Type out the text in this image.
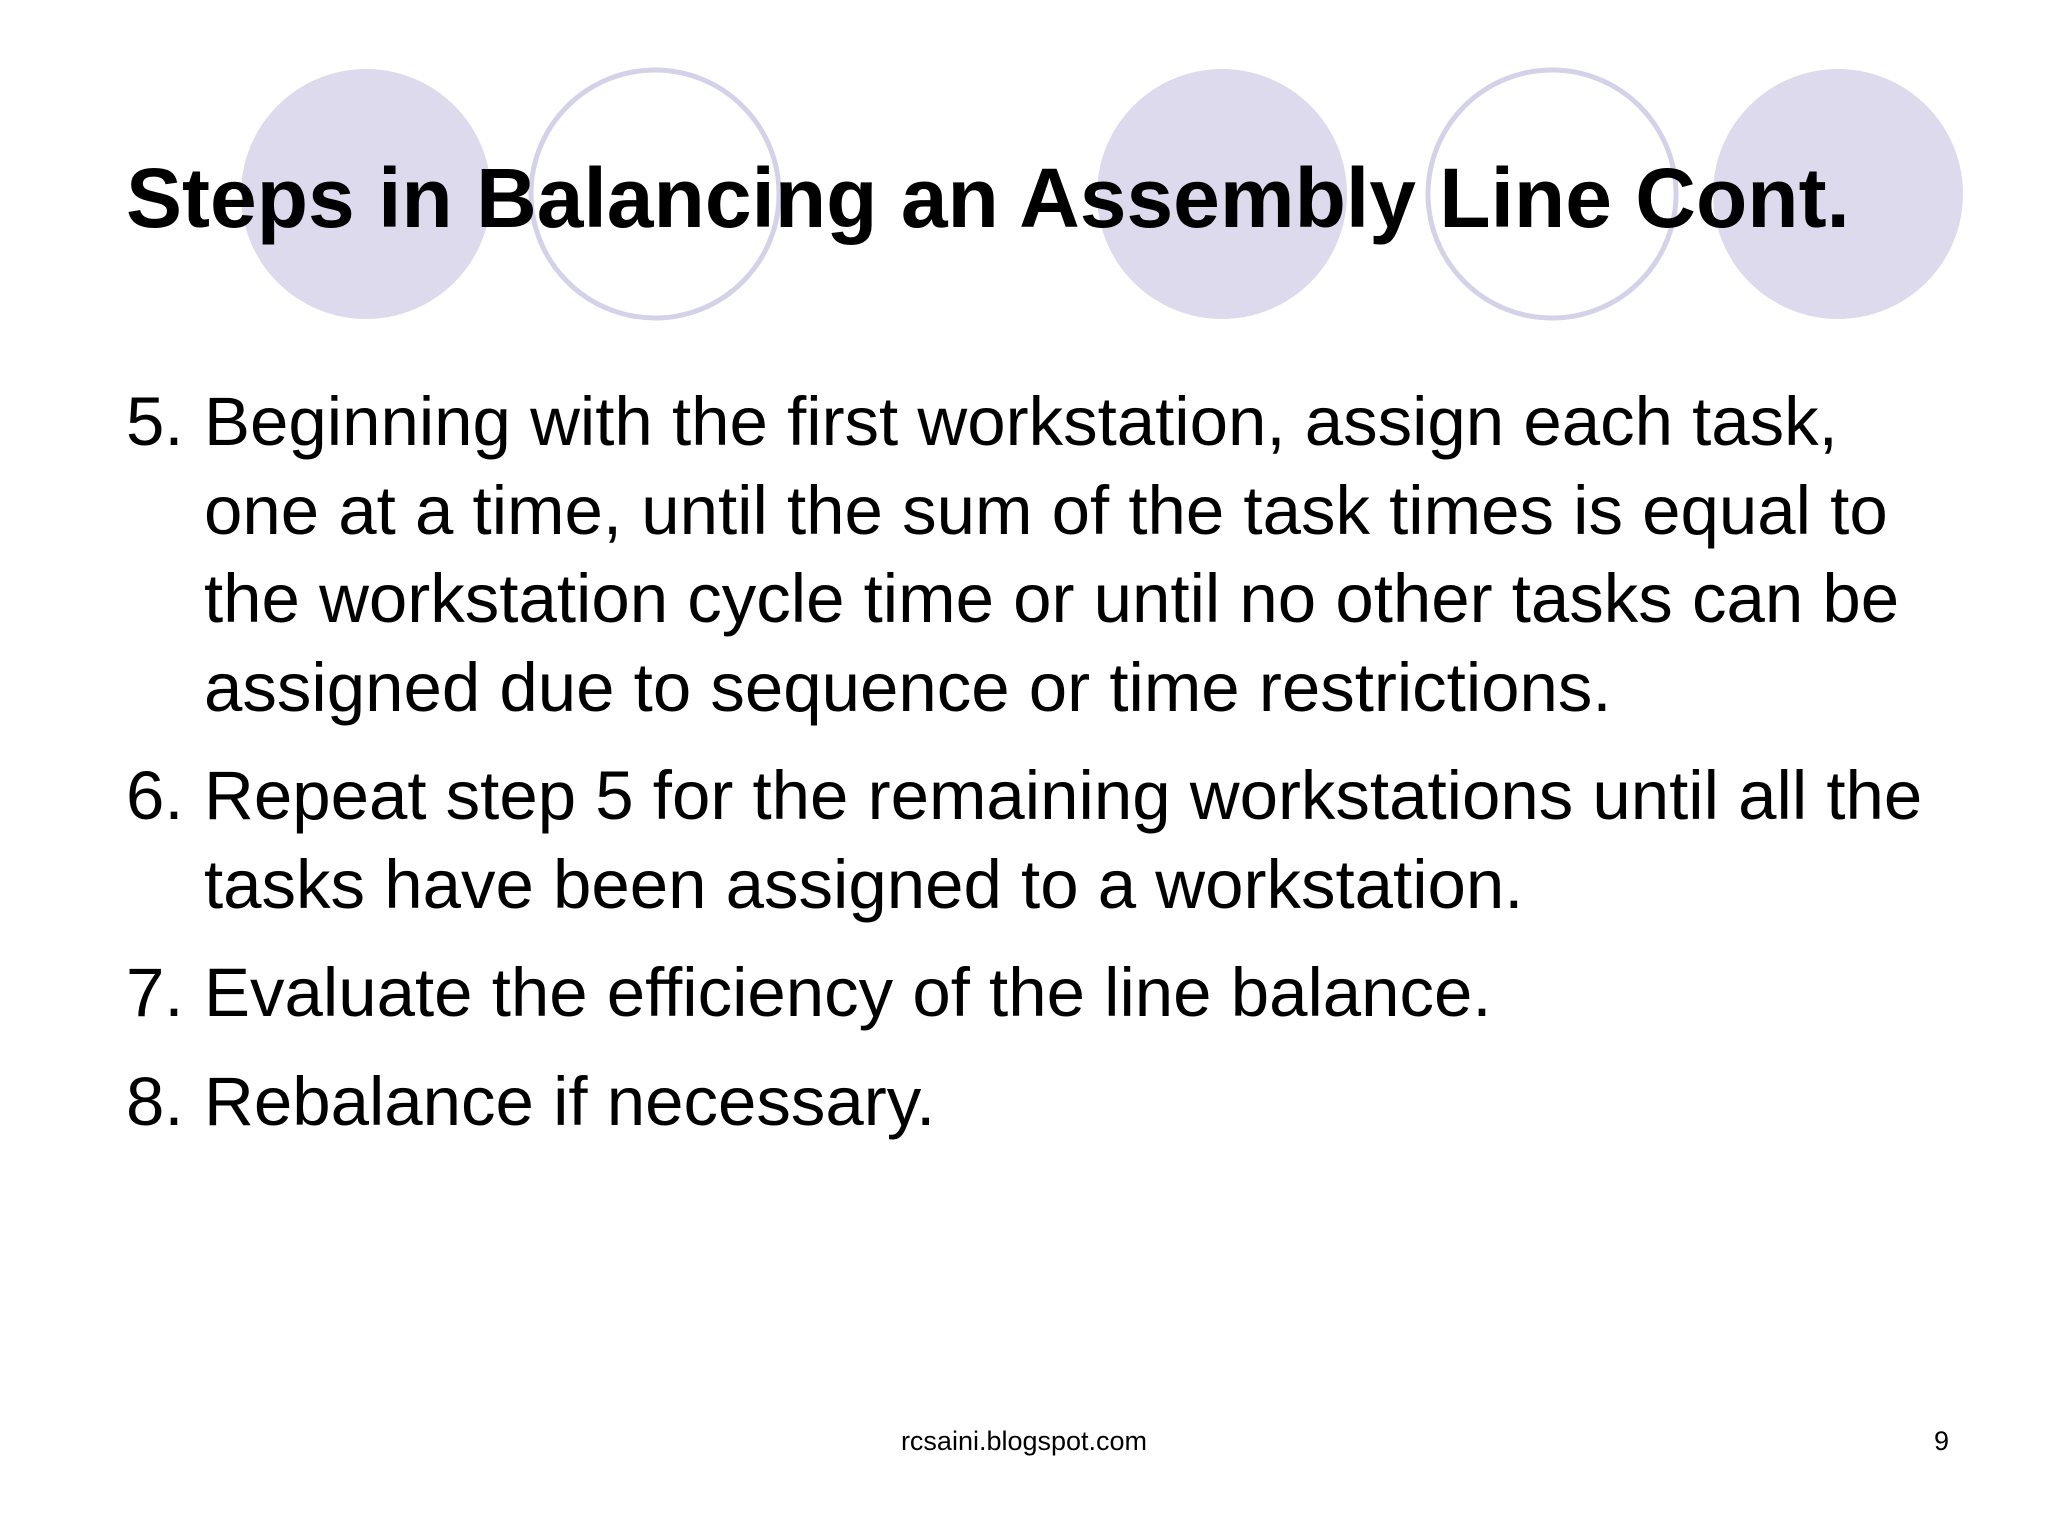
Steps in Balancing an Assembly Line Cont.
5. Beginning with the first workstation, assign each task, one at a time, until the sum of the task times is equal to the workstation cycle time or until no other tasks can be assigned due to sequence or time restrictions.
6. Repeat step 5 for the remaining workstations until all the tasks have been assigned to a workstation.
7. Evaluate the efficiency of the line balance.
8. Rebalance if necessary.
rcsaini.blogspot.com	9
